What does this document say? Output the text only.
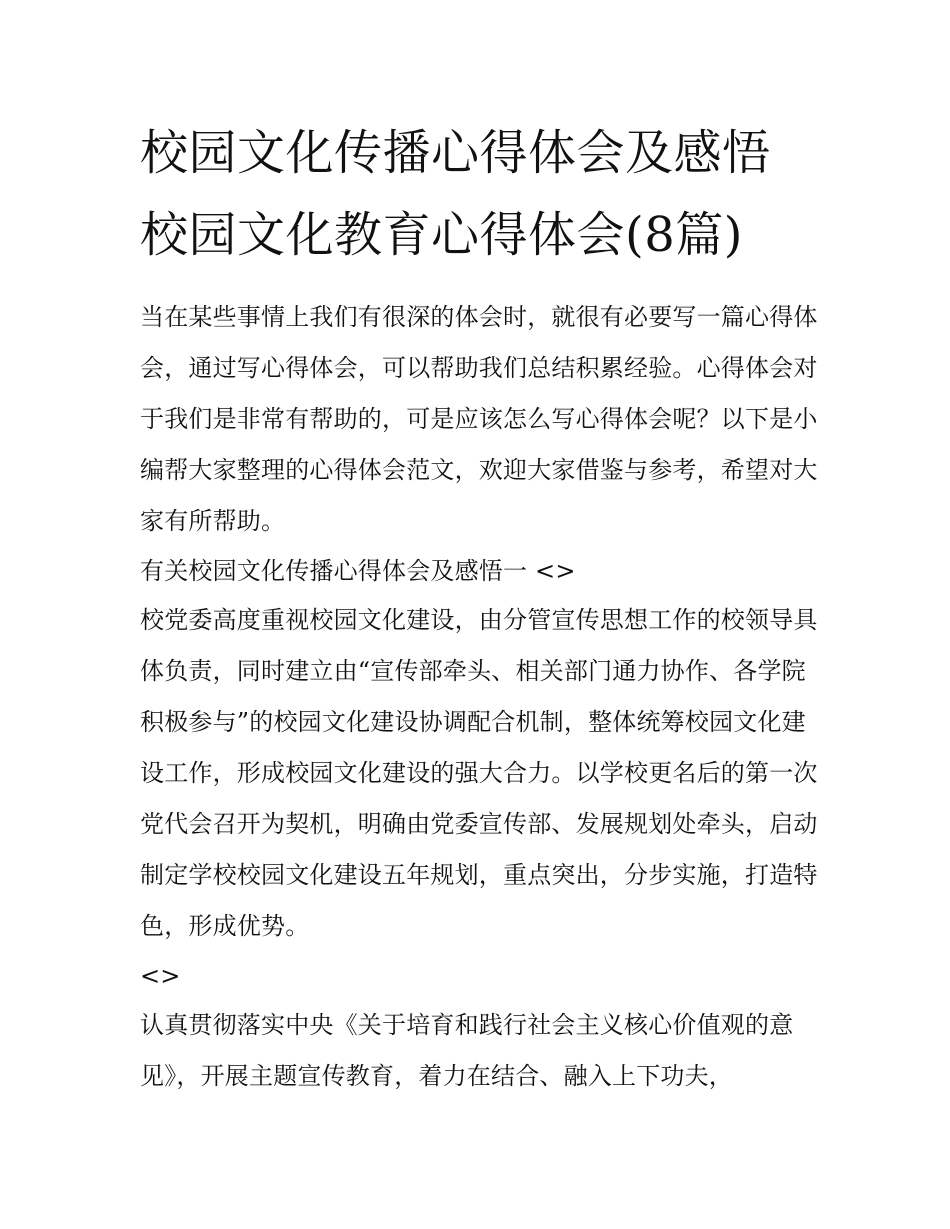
校园文化传播心得体会及感悟
校园文化教育心得体会(8篇)

当在某些事情上我们有很深的体会时，就很有必要写一篇心得体会，通过写心得体会，可以帮助我们总结积累经验。心得体会对于我们是非常有帮助的，可是应该怎么写心得体会呢？以下是小编帮大家整理的心得体会范文，欢迎大家借鉴与参考，希望对大家有所帮助。

有关校园文化传播心得体会及感悟一 <>

校党委高度重视校园文化建设，由分管宣传思想工作的校领导具体负责，同时建立由“宣传部牵头、相关部门通力协作、各学院积极参与”的校园文化建设协调配合机制，整体统筹校园文化建设工作，形成校园文化建设的强大合力。以学校更名后的第一次党代会召开为契机，明确由党委宣传部、发展规划处牵头，启动制定学校校园文化建设五年规划，重点突出，分步实施，打造特色，形成优势。

<>

认真贯彻落实中央《关于培育和践行社会主义核心价值观的意见》，开展主题宣传教育，着力在结合、融入上下功夫，
